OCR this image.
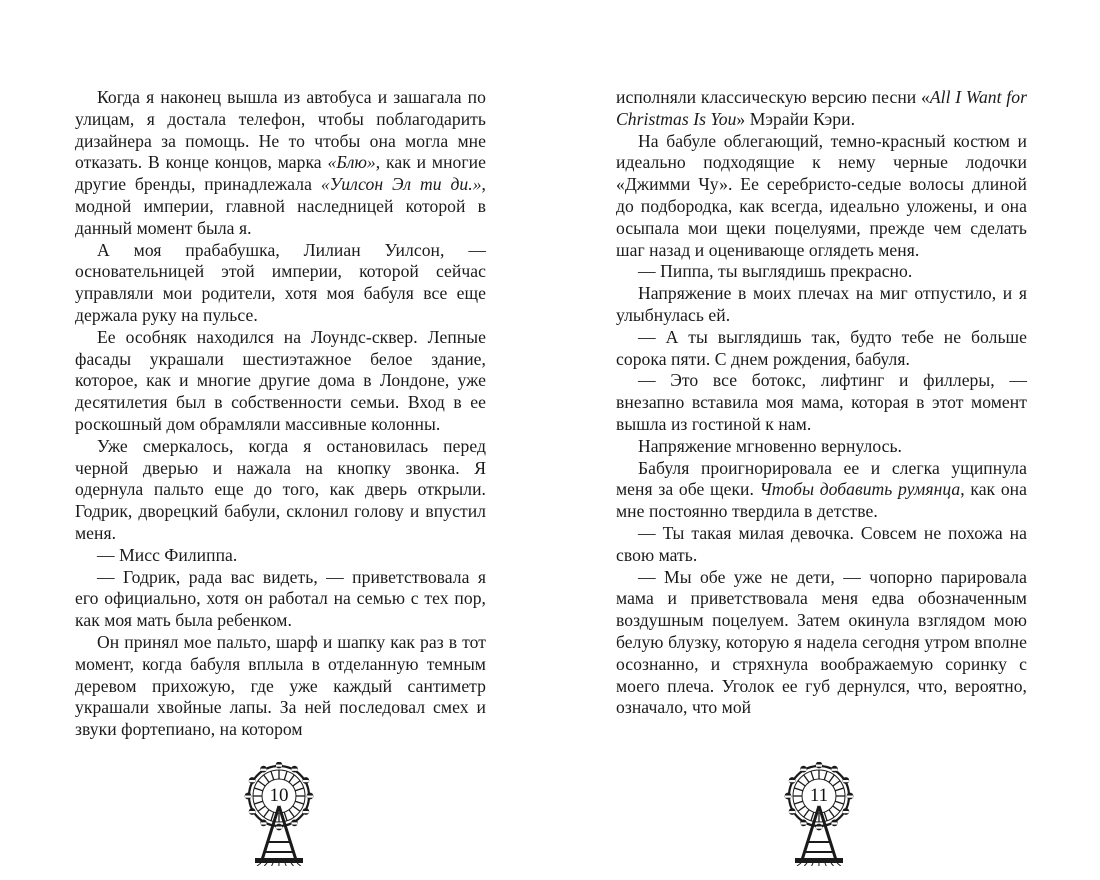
Когда я наконец вышла из автобуса и зашагала по улицам, я достала телефон, чтобы поблагодарить дизайнера за помощь. Не то чтобы она могла мне отказать. В конце концов, марка «Блю», как и многие другие бренды, принадлежала «Уилсон Эл ти ди.», модной империи, главной наследницей которой в данный момент была я.

А моя прабабушка, Лилиан Уилсон, — основательницей этой империи, которой сейчас управляли мои родители, хотя моя бабуля все еще держала руку на пульсе.

Ее особняк находился на Лоундс-сквер. Лепные фасады украшали шестиэтажное белое здание, которое, как и многие другие дома в Лондоне, уже десятилетия был в собственности семьи. Вход в ее роскошный дом обрамляли массивные колонны.

Уже смеркалось, когда я остановилась перед черной дверью и нажала на кнопку звонка. Я одернула пальто еще до того, как дверь открыли. Годрик, дворецкий бабули, склонил голову и впустил меня.

— Мисс Филиппа.

— Годрик, рада вас видеть, — приветствовала я его официально, хотя он работал на семью с тех пор, как моя мать была ребенком.

Он принял мое пальто, шарф и шапку как раз в тот момент, когда бабуля вплыла в отделанную темным деревом прихожую, где уже каждый сантиметр украшали хвойные лапы. За ней последовал смех и звуки фортепиано, на котором

10

исполняли классическую версию песни «All I Want for Christmas Is You» Мэрайи Кэри.

На бабуле облегающий, темно-красный костюм и идеально подходящие к нему черные лодочки «Джимми Чу». Ее серебристо-седые волосы длиной до подбородка, как всегда, идеально уложены, и она осыпала мои щеки поцелуями, прежде чем сделать шаг назад и оценивающе оглядеть меня.

— Пиппа, ты выглядишь прекрасно.

Напряжение в моих плечах на миг отпустило, и я улыбнулась ей.

— А ты выглядишь так, будто тебе не больше сорока пяти. С днем рождения, бабуля.

— Это все ботокс, лифтинг и филлеры, — внезапно вставила моя мама, которая в этот момент вышла из гостиной к нам.

Напряжение мгновенно вернулось.

Бабуля проигнорировала ее и слегка ущипнула меня за обе щеки. Чтобы добавить румянца, как она мне постоянно твердила в детстве.

— Ты такая милая девочка. Совсем не похожа на свою мать.

— Мы обе уже не дети, — чопорно парировала мама и приветствовала меня едва обозначенным воздушным поцелуем. Затем окинула взглядом мою белую блузку, которую я надела сегодня утром вполне осознанно, и стряхнула воображаемую соринку с моего плеча. Уголок ее губ дернулся, что, вероятно, означало, что мой

11
